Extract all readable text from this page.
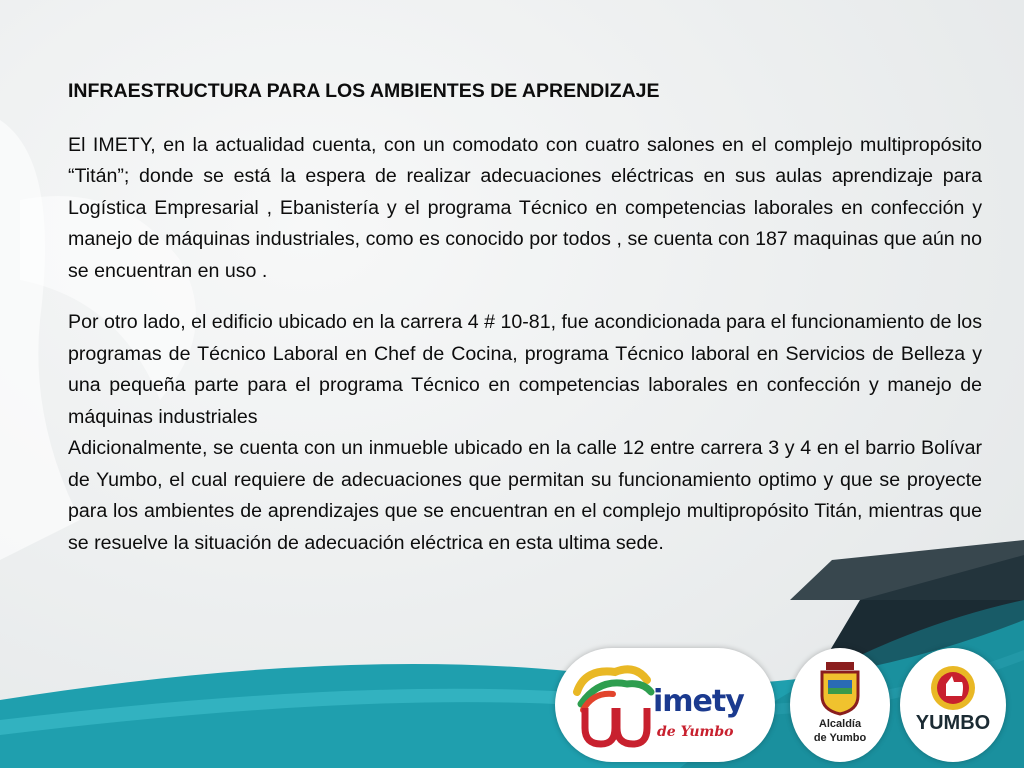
INFRAESTRUCTURA PARA LOS AMBIENTES DE APRENDIZAJE

El IMETY, en la actualidad cuenta, con un comodato con cuatro salones en el complejo multipropósito “Titán”; donde se está la espera de realizar adecuaciones eléctricas en sus aulas aprendizaje para Logística Empresarial , Ebanistería y el programa Técnico en competencias laborales en confección y manejo de máquinas industriales, como es conocido por todos , se cuenta con 187 maquinas que aún no se encuentran en uso .

Por otro lado, el edificio ubicado en la carrera 4 # 10-81, fue acondicionada para el funcionamiento de los programas de Técnico Laboral en Chef de Cocina, programa Técnico laboral en Servicios de Belleza y una pequeña parte para el programa Técnico en competencias laborales en confección y manejo de máquinas industriales

Adicionalmente, se cuenta con un inmueble ubicado en la calle 12 entre carrera 3 y 4 en el barrio Bolívar de Yumbo, el cual requiere de adecuaciones que permitan su funcionamiento optimo y que se proyecte para los ambientes de aprendizajes que se encuentran en el complejo multipropósito Titán, mientras que se resuelve la situación de adecuación eléctrica en esta ultima sede.

imety
de Yumbo	Alcaldía
de Yumbo
YUMBO
